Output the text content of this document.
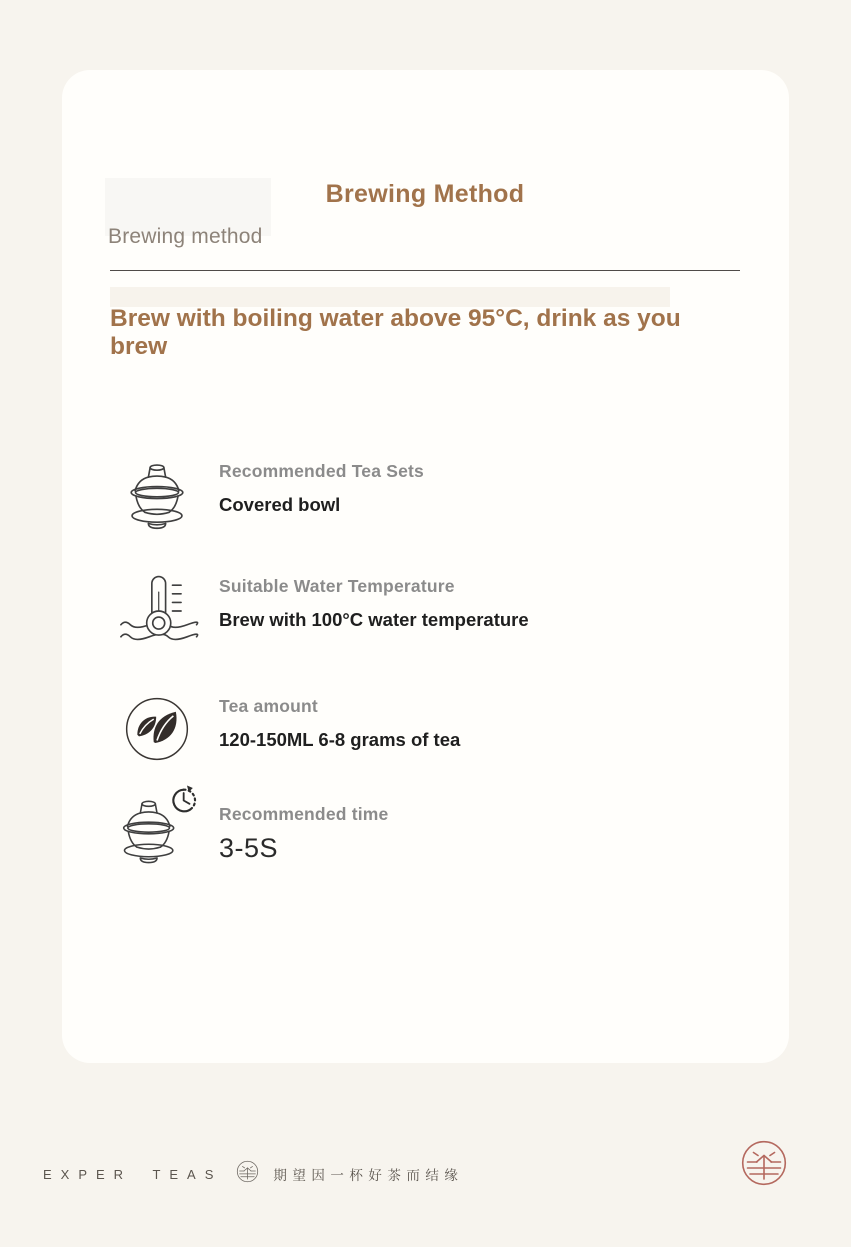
Brewing Method
Brewing method
Brew with boiling water above 95°C, drink as you brew
Recommended Tea Sets
Covered bowl
Suitable Water Temperature
Brew with 100°C water temperature
Tea amount
120-150ML 6-8 grams of tea
Recommended time
3-5S
EXPER TEAS	期望因一杯好茶而结缘
